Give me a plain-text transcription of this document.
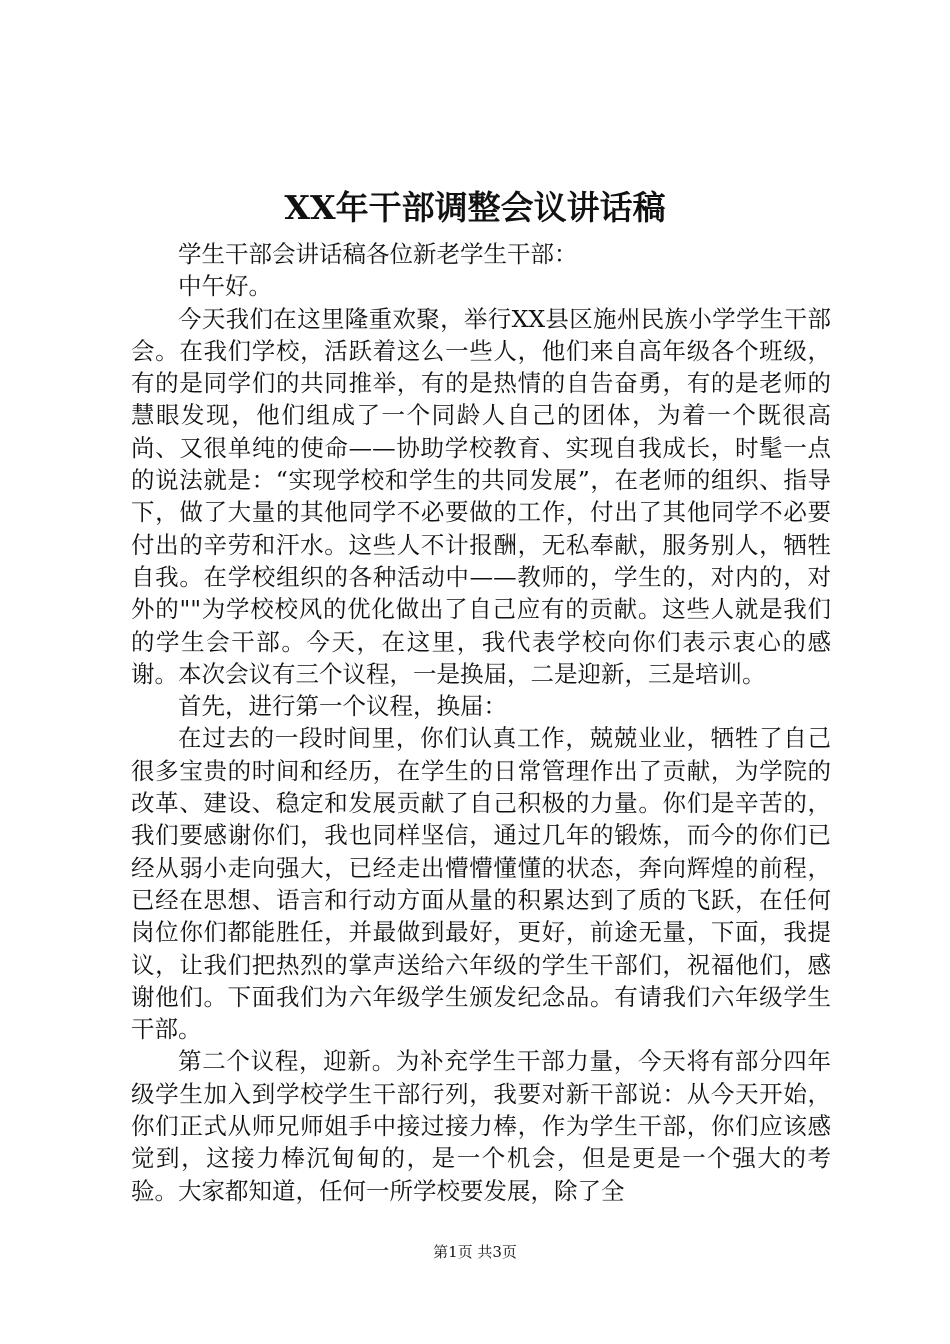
XX年干部调整会议讲话稿

学生干部会讲话稿各位新老学生干部：

中午好。

今天我们在这里隆重欢聚，举行XX县区施州民族小学学生干部会。在我们学校，活跃着这么一些人，他们来自高年级各个班级，有的是同学们的共同推举，有的是热情的自告奋勇，有的是老师的慧眼发现，他们组成了一个同龄人自己的团体，为着一个既很高尚、又很单纯的使命——协助学校教育、实现自我成长，时髦一点的说法就是：“实现学校和学生的共同发展”，在老师的组织、指导下，做了大量的其他同学不必要做的工作，付出了其他同学不必要付出的辛劳和汗水。这些人不计报酬，无私奉献，服务别人，牺牲自我。在学校组织的各种活动中——教师的，学生的，对内的，对外的""为学校校风的优化做出了自己应有的贡献。这些人就是我们的学生会干部。今天，在这里，我代表学校向你们表示衷心的感谢。本次会议有三个议程，一是换届，二是迎新，三是培训。

首先，进行第一个议程，换届：

在过去的一段时间里，你们认真工作，兢兢业业，牺牲了自己很多宝贵的时间和经历，在学生的日常管理作出了贡献，为学院的改革、建设、稳定和发展贡献了自己积极的力量。你们是辛苦的，我们要感谢你们，我也同样坚信，通过几年的锻炼，而今的你们已经从弱小走向强大，已经走出懵懵懂懂的状态，奔向辉煌的前程，已经在思想、语言和行动方面从量的积累达到了质的飞跃，在任何岗位你们都能胜任，并最做到最好，更好，前途无量，下面，我提议，让我们把热烈的掌声送给六年级的学生干部们，祝福他们，感谢他们。下面我们为六年级学生颁发纪念品。有请我们六年级学生干部。

第二个议程，迎新。为补充学生干部力量，今天将有部分四年级学生加入到学校学生干部行列，我要对新干部说：从今天开始，你们正式从师兄师姐手中接过接力棒，作为学生干部，你们应该感觉到，这接力棒沉甸甸的，是一个机会，但是更是一个强大的考验。大家都知道，任何一所学校要发展，除了全

第1页 共3页
